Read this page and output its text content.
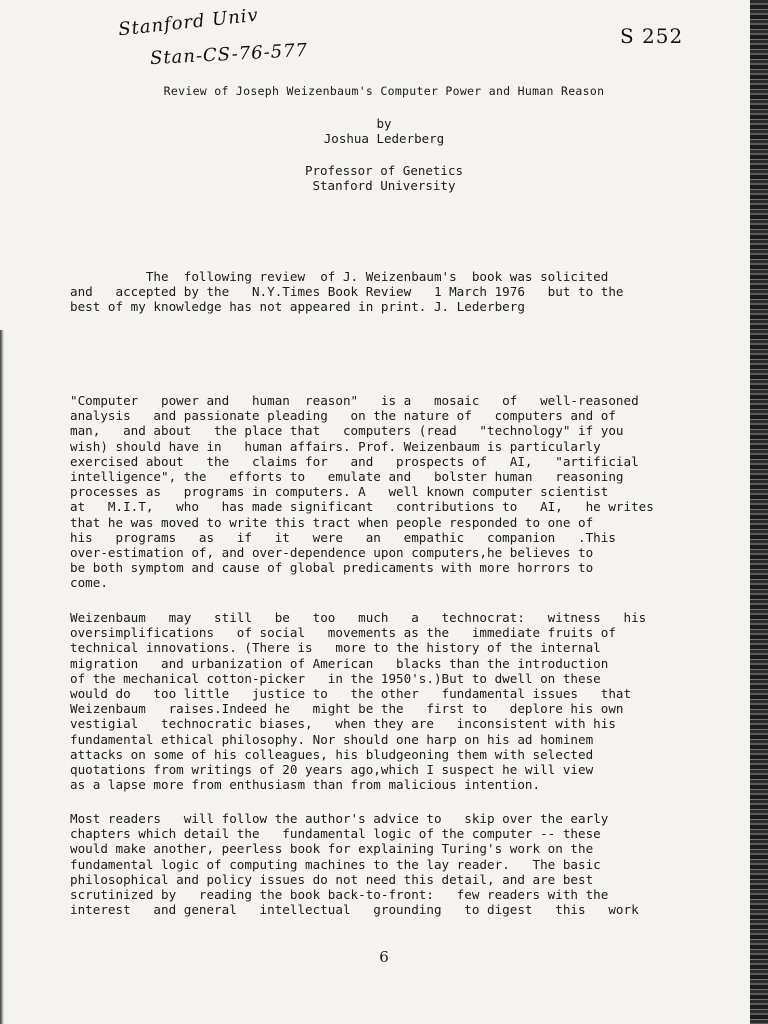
Stanford Univ
Stan-CS-76-577
S 252
Review of Joseph Weizenbaum's Computer Power and Human Reason
by
Joshua Lederberg
Professor of Genetics
Stanford University
The  following review  of J. Weizenbaum's  book was solicited
and   accepted by the   N.Y.Times Book Review   1 March 1976   but to the
best of my knowledge has not appeared in print. J. Lederberg
"Computer   power and   human  reason"   is a   mosaic   of   well-reasoned
analysis   and passionate pleading   on the nature of   computers and of
man,   and about   the place that   computers (read   "technology" if you
wish) should have in   human affairs. Prof. Weizenbaum is particularly
exercised about   the   claims for   and   prospects of   AI,   "artificial
intelligence", the   efforts to   emulate and   bolster human   reasoning
processes as   programs in computers. A   well known computer scientist
at   M.I.T,   who   has made significant   contributions to   AI,   he writes
that he was moved to write this tract when people responded to one of
his   programs   as   if   it   were   an   empathic   companion   .This
over-estimation of, and over-dependence upon computers,he believes to
be both symptom and cause of global predicaments with more horrors to
come.
Weizenbaum   may   still   be   too   much   a   technocrat:   witness   his
oversimplifications   of social   movements as the   immediate fruits of
technical innovations. (There is   more to the history of the internal
migration   and urbanization of American   blacks than the introduction
of the mechanical cotton-picker   in the 1950's.)But to dwell on these
would do   too little   justice to   the other   fundamental issues   that
Weizenbaum   raises.Indeed he   might be the   first to   deplore his own
vestigial   technocratic biases,   when they are   inconsistent with his
fundamental ethical philosophy. Nor should one harp on his ad hominem
attacks on some of his colleagues, his bludgeoning them with selected
quotations from writings of 20 years ago,which I suspect he will view
as a lapse more from enthusiasm than from malicious intention.
Most readers   will follow the author's advice to   skip over the early
chapters which detail the   fundamental logic of the computer -- these
would make another, peerless book for explaining Turing's work on the
fundamental logic of computing machines to the lay reader.   The basic
philosophical and policy issues do not need this detail, and are best
scrutinized by   reading the book back-to-front:   few readers with the
interest   and general   intellectual   grounding   to digest   this   work
6
